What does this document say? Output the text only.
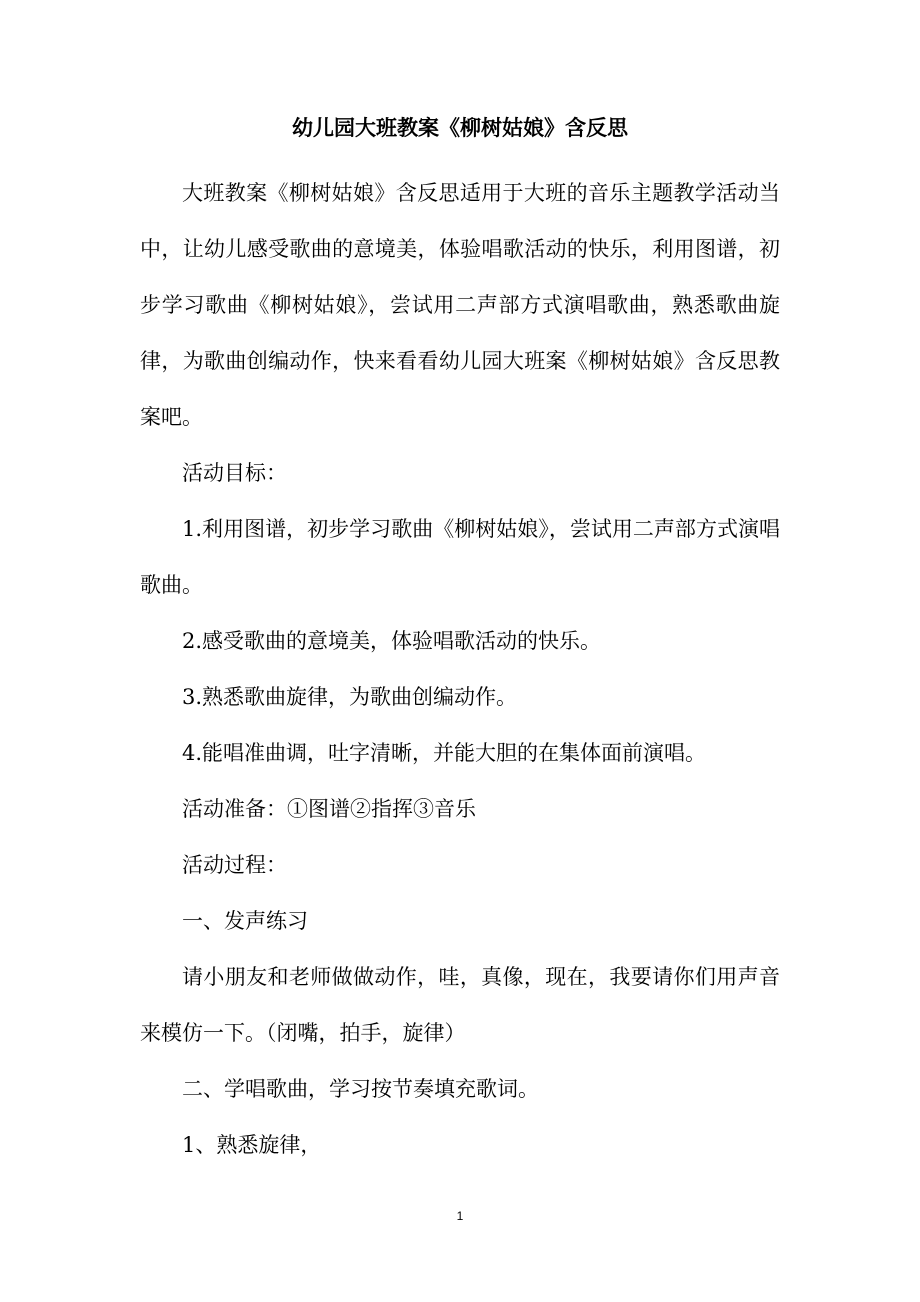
幼儿园大班教案《柳树姑娘》含反思

大班教案《柳树姑娘》含反思适用于大班的音乐主题教学活动当中，让幼儿感受歌曲的意境美，体验唱歌活动的快乐，利用图谱，初步学习歌曲《柳树姑娘》，尝试用二声部方式演唱歌曲，熟悉歌曲旋律，为歌曲创编动作，快来看看幼儿园大班案《柳树姑娘》含反思教案吧。

活动目标：

1.利用图谱，初步学习歌曲《柳树姑娘》，尝试用二声部方式演唱歌曲。

2.感受歌曲的意境美，体验唱歌活动的快乐。

3.熟悉歌曲旋律，为歌曲创编动作。

4.能唱准曲调，吐字清晰，并能大胆的在集体面前演唱。

活动准备：①图谱②指挥③音乐

活动过程：

一、发声练习

请小朋友和老师做做动作，哇，真像，现在，我要请你们用声音来模仿一下。（闭嘴，拍手，旋律）

二、学唱歌曲，学习按节奏填充歌词。

1、熟悉旋律，

1
